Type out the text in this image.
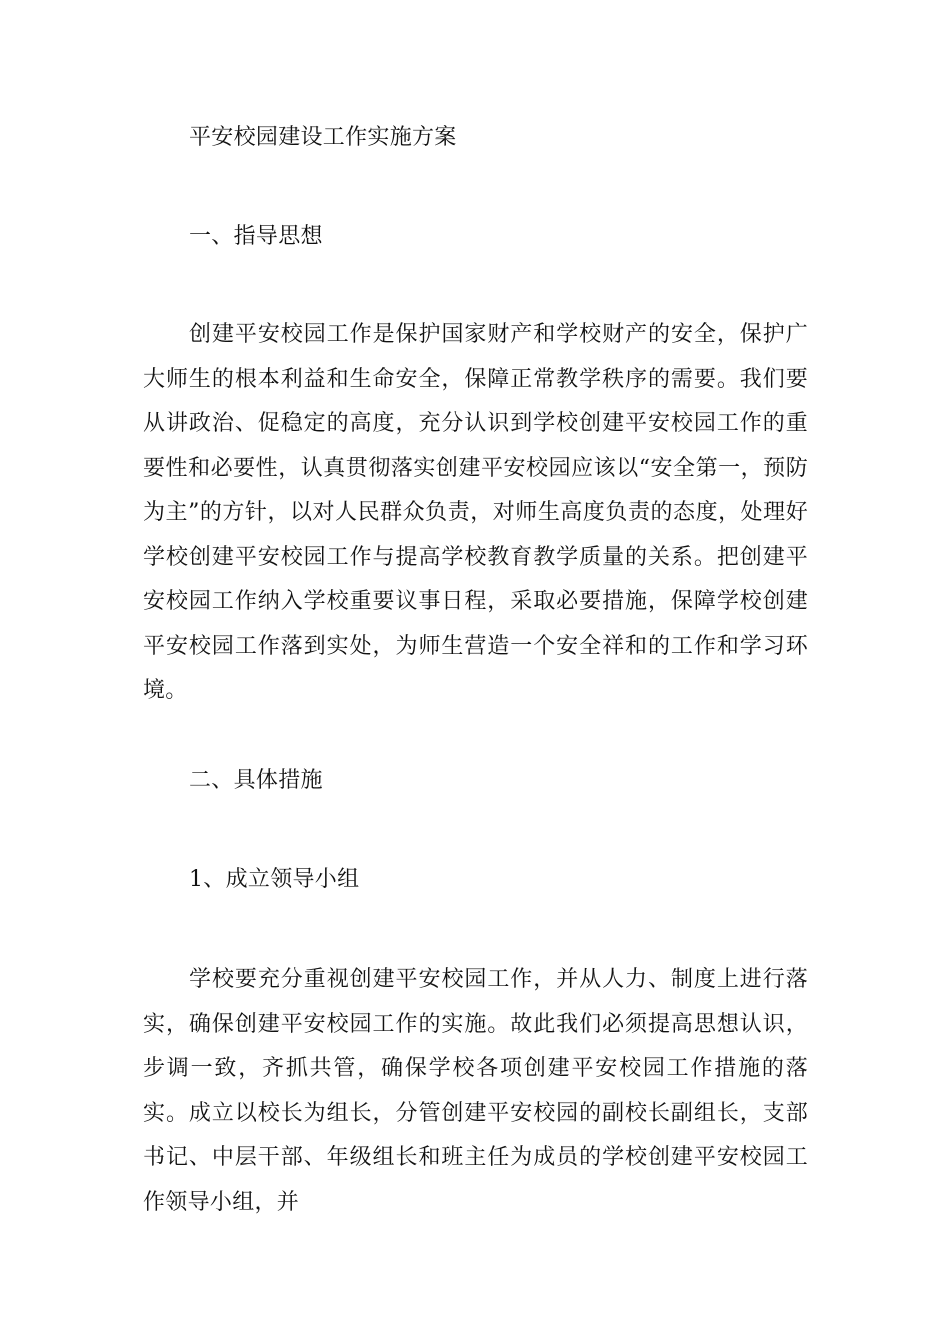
平安校园建设工作实施方案

一、指导思想

创建平安校园工作是保护国家财产和学校财产的安全，保护广大师生的根本利益和生命安全，保障正常教学秩序的需要。我们要从讲政治、促稳定的高度，充分认识到学校创建平安校园工作的重要性和必要性，认真贯彻落实创建平安校园应该以“安全第一，预防为主”的方针，以对人民群众负责，对师生高度负责的态度，处理好学校创建平安校园工作与提高学校教育教学质量的关系。把创建平安校园工作纳入学校重要议事日程，采取必要措施，保障学校创建平安校园工作落到实处，为师生营造一个安全祥和的工作和学习环境。

二、具体措施

1、成立领导小组

学校要充分重视创建平安校园工作，并从人力、制度上进行落实，确保创建平安校园工作的实施。故此我们必须提高思想认识，步调一致，齐抓共管，确保学校各项创建平安校园工作措施的落实。成立以校长为组长，分管创建平安校园的副校长副组长，支部书记、中层干部、年级组长和班主任为成员的学校创建平安校园工作领导小组，并
